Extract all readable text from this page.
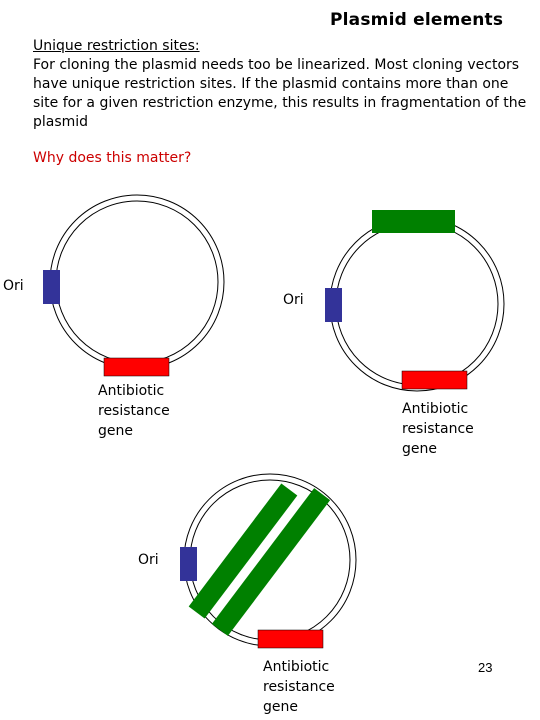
Plasmid elements
Unique restriction sites:
For cloning the plasmid needs too be linearized. Most cloning vectors have unique restriction sites. If the plasmid contains more than one site for a given restriction enzyme, this results in fragmentation of the plasmid
Why does this matter?
Ori
Antibiotic
resistance
gene
Ori
Antibiotic
resistance
gene
Ori
Antibiotic
resistance
gene
23
